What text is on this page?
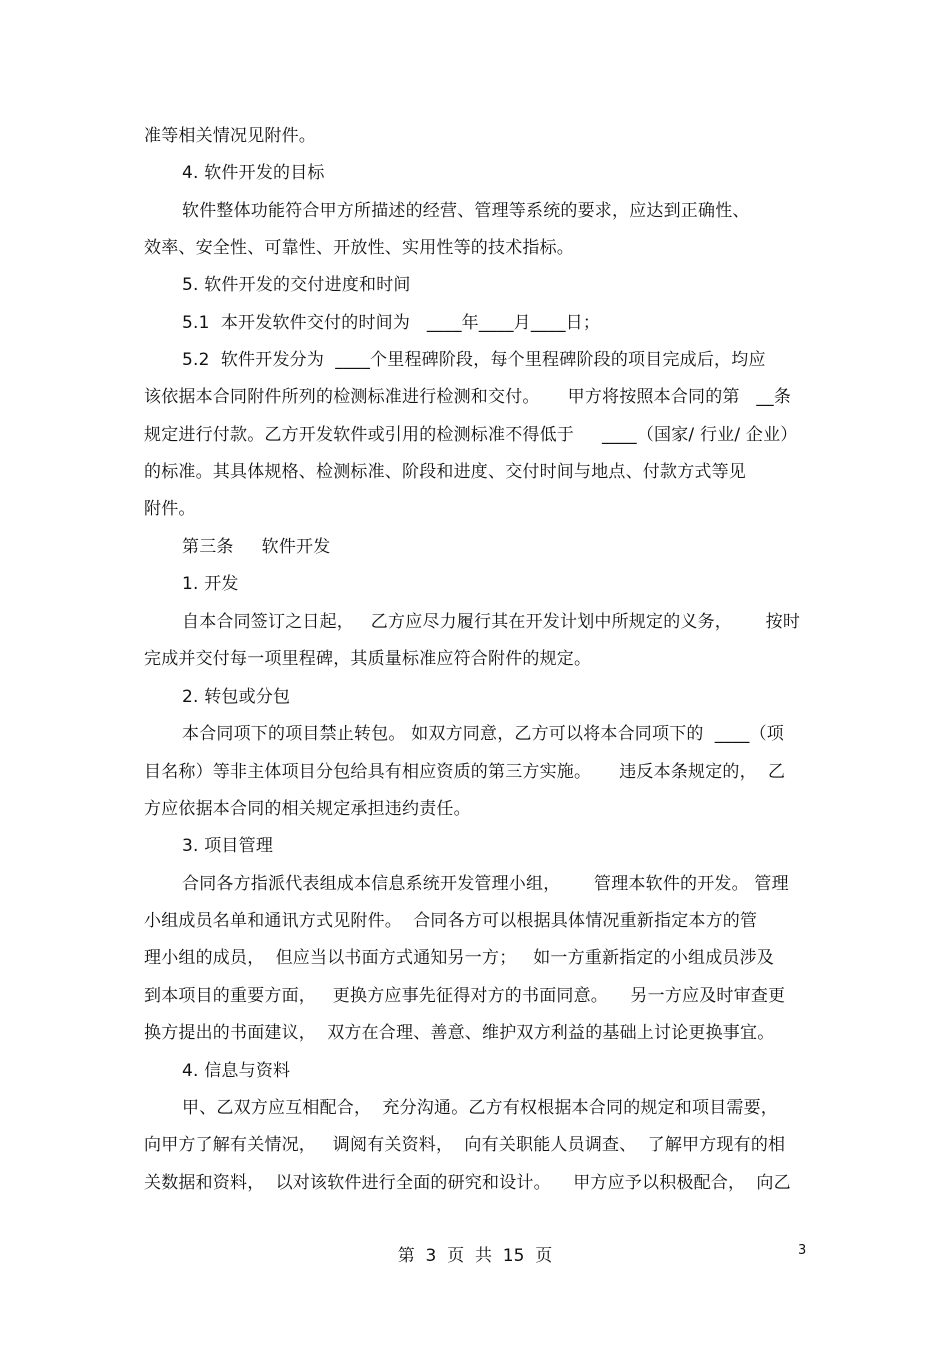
准等相关情况见附件。
4. 软件开发的目标
软件整体功能符合甲方所描述的经营、管理等系统的要求，应达到正确性、
效率、安全性、可靠性、开放性、实用性等的技术指标。
5. 软件开发的交付进度和时间
5.1  本开发软件交付的时间为   ____年____月____日；
5.2  软件开发分为  ____个里程碑阶段，每个里程碑阶段的项目完成后，均应
该依据本合同附件所列的检测标准进行检测和交付。     甲方将按照本合同的第   __条
规定进行付款。乙方开发软件或引用的检测标准不得低于     ____（国家/ 行业/ 企业）
的标准。其具体规格、检测标准、阶段和进度、交付时间与地点、付款方式等见
附件。
第三条     软件开发
1. 开发
自本合同签订之日起，   乙方应尽力履行其在开发计划中所规定的义务，      按时
完成并交付每一项里程碑，其质量标准应符合附件的规定。
2. 转包或分包
本合同项下的项目禁止转包。 如双方同意，乙方可以将本合同项下的  ____（项
目名称）等非主体项目分包给具有相应资质的第三方实施。     违反本条规定的，  乙
方应依据本合同的相关规定承担违约责任。
3. 项目管理
合同各方指派代表组成本信息系统开发管理小组，      管理本软件的开发。 管理
小组成员名单和通讯方式见附件。  合同各方可以根据具体情况重新指定本方的管
理小组的成员，  但应当以书面方式通知另一方；   如一方重新指定的小组成员涉及
到本项目的重要方面，   更换方应事先征得对方的书面同意。    另一方应及时审查更
换方提出的书面建议，  双方在合理、善意、维护双方利益的基础上讨论更换事宜。
4. 信息与资料
甲、乙双方应互相配合，  充分沟通。乙方有权根据本合同的规定和项目需要，
向甲方了解有关情况，   调阅有关资料，  向有关职能人员调查、  了解甲方现有的相
关数据和资料，  以对该软件进行全面的研究和设计。    甲方应予以积极配合，  向乙
第  3  页  共  15  页	3
